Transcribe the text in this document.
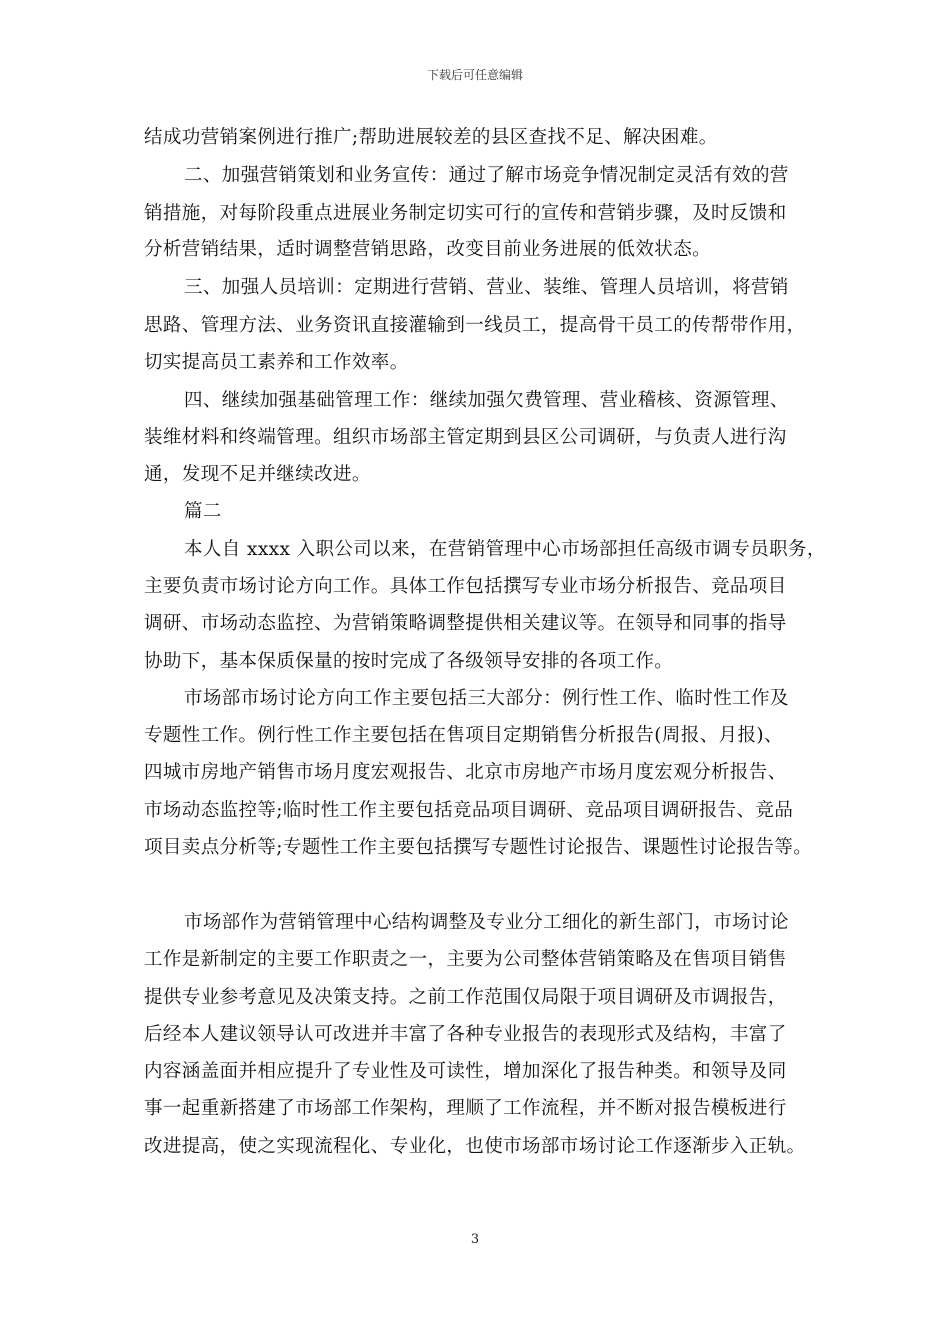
下载后可任意编辑
结成功营销案例进行推广;帮助进展较差的县区查找不足、解决困难。
二、加强营销策划和业务宣传：通过了解市场竞争情况制定灵活有效的营
销措施，对每阶段重点进展业务制定切实可行的宣传和营销步骤，及时反馈和
分析营销结果，适时调整营销思路，改变目前业务进展的低效状态。
三、加强人员培训：定期进行营销、营业、装维、管理人员培训，将营销
思路、管理方法、业务资讯直接灌输到一线员工，提高骨干员工的传帮带作用，
切实提高员工素养和工作效率。
四、继续加强基础管理工作：继续加强欠费管理、营业稽核、资源管理、
装维材料和终端管理。组织市场部主管定期到县区公司调研，与负责人进行沟
通，发现不足并继续改进。
篇二
本人自 xxxx 入职公司以来，在营销管理中心市场部担任高级市调专员职务，
主要负责市场讨论方向工作。具体工作包括撰写专业市场分析报告、竞品项目
调研、市场动态监控、为营销策略调整提供相关建议等。在领导和同事的指导
协助下，基本保质保量的按时完成了各级领导安排的各项工作。
市场部市场讨论方向工作主要包括三大部分：例行性工作、临时性工作及
专题性工作。例行性工作主要包括在售项目定期销售分析报告(周报、月报)、
四城市房地产销售市场月度宏观报告、北京市房地产市场月度宏观分析报告、
市场动态监控等;临时性工作主要包括竞品项目调研、竞品项目调研报告、竞品
项目卖点分析等;专题性工作主要包括撰写专题性讨论报告、课题性讨论报告等。
市场部作为营销管理中心结构调整及专业分工细化的新生部门，市场讨论
工作是新制定的主要工作职责之一，主要为公司整体营销策略及在售项目销售
提供专业参考意见及决策支持。之前工作范围仅局限于项目调研及市调报告，
后经本人建议领导认可改进并丰富了各种专业报告的表现形式及结构，丰富了
内容涵盖面并相应提升了专业性及可读性，增加深化了报告种类。和领导及同
事一起重新搭建了市场部工作架构，理顺了工作流程，并不断对报告模板进行
改进提高，使之实现流程化、专业化，也使市场部市场讨论工作逐渐步入正轨。
3
